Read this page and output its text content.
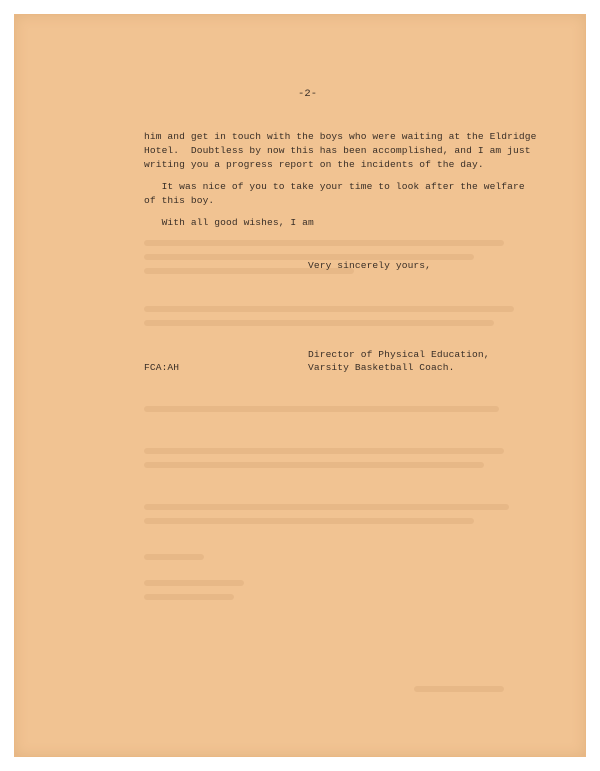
-2-
him and get in touch with the boys who were waiting at the Eldridge
Hotel.  Doubtless by now this has been accomplished, and I am just
writing you a progress report on the incidents of the day.
It was nice of you to take your time to look after the welfare
of this boy.
With all good wishes, I am
Very sincerely yours,
Director of Physical Education,
Varsity Basketball Coach.
FCA:AH
